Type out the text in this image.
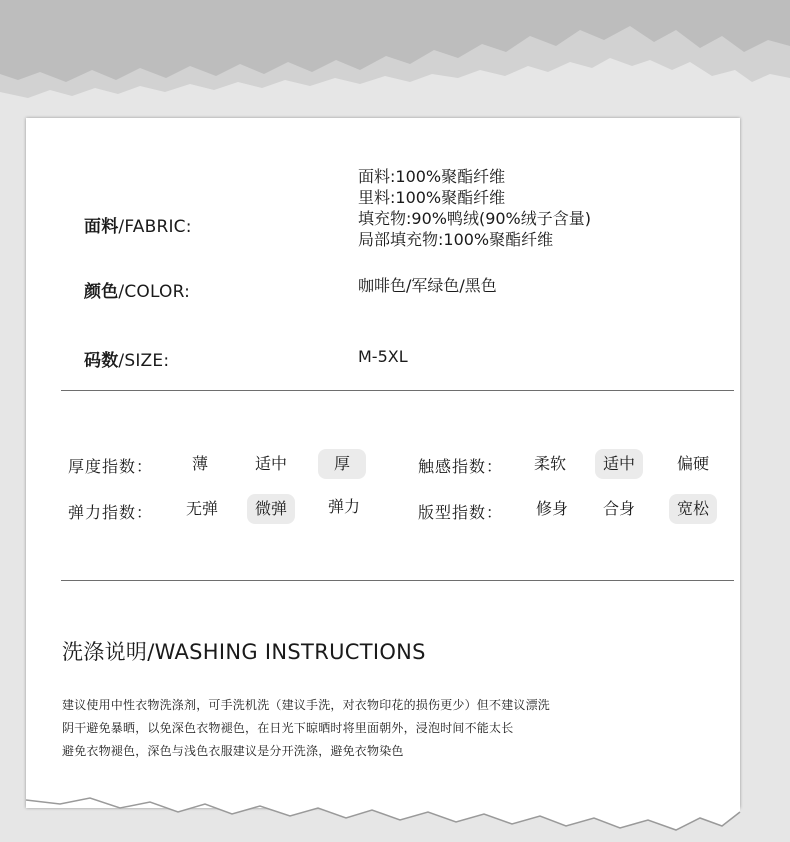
面料/FABRIC:
面料:100%聚酯纤维
里料:100%聚酯纤维
填充物:90%鸭绒(90%绒子含量)
局部填充物:100%聚酯纤维
颜色/COLOR:	咖啡色/军绿色/黑色
码数/SIZE:	M-5XL
厚度指数：	薄	适中	厚	触感指数：	柔软	适中	偏硬
弹力指数：	无弹	微弹	弹力	版型指数：	修身	合身	宽松
洗涤说明/WASHING INSTRUCTIONS
建议使用中性衣物洗涤剂，可手洗机洗（建议手洗，对衣物印花的损伤更少）但不建议漂洗
阴干避免暴晒，以免深色衣物褪色，在日光下晾晒时将里面朝外，浸泡时间不能太长
避免衣物褪色，深色与浅色衣服建议是分开洗涤，避免衣物染色
